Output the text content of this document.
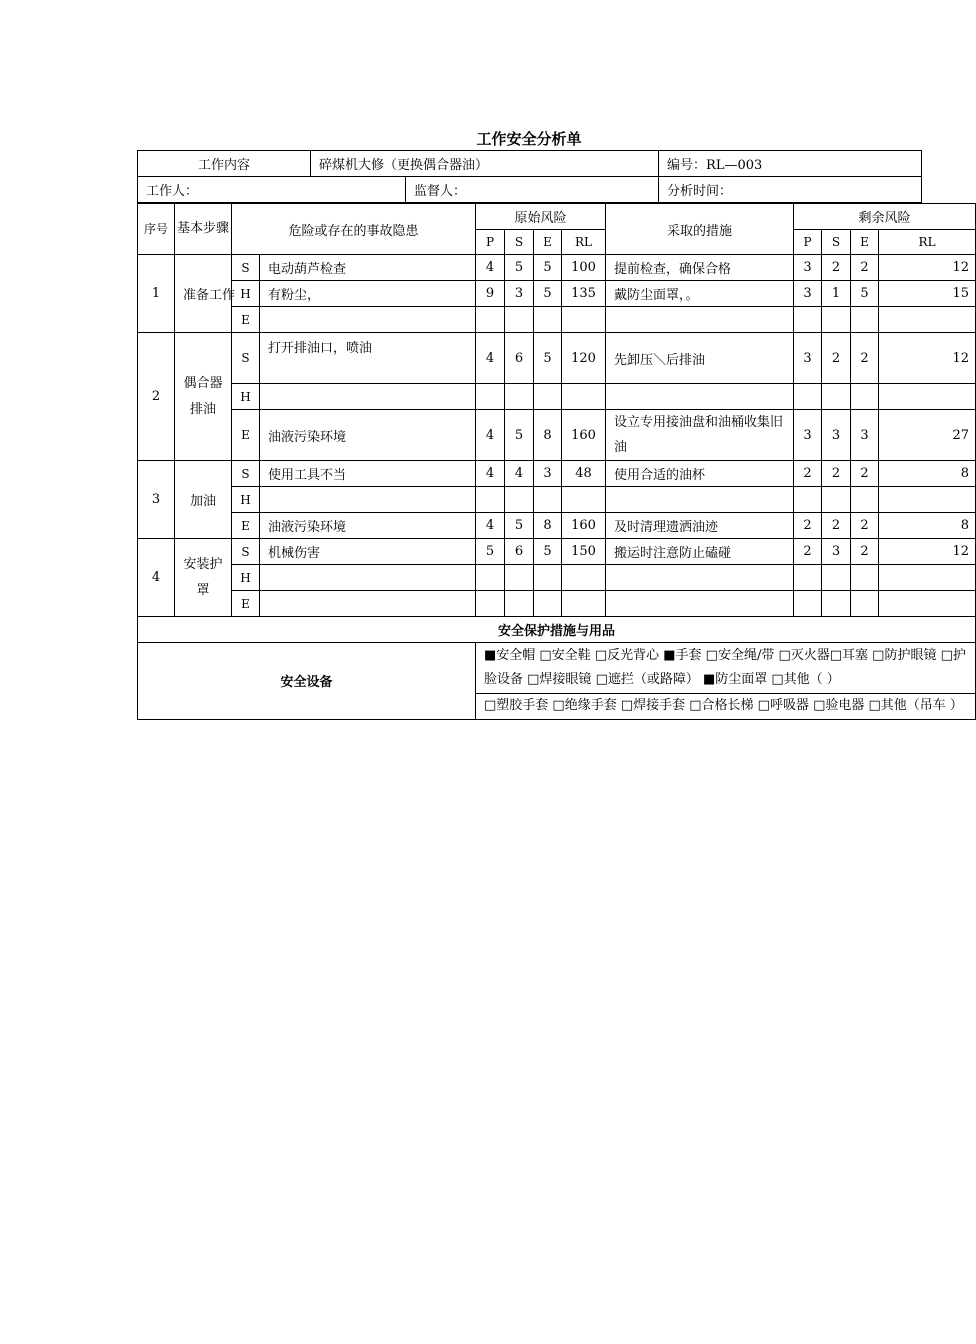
工作安全分析单
工作内容	碎煤机大修（更换偶合器油）		编号：RL—003
工作人：		监督人：	分析时间：
序号	基本步骤	危险或存在的事故隐患		原始风险				采取的措施	剩余风险			
				P	S	E	RL		P	S	E	RL
1	准备工作	S	电动葫芦检查	4	5	5	100	提前检查，确保合格	3	2	2	12
		H	有粉尘，	9	3	5	135	戴防尘面罩，。	3	1	5	15
		E										
2	偶合器排油	S	打开排油口，喷油	4	6	5	120	先卸压＼后排油	3	2	2	12
		H										
		E	油液污染环境	4	5	8	160	设立专用接油盘和油桶收集旧油	3	3	3	27
3	加油	S	使用工具不当	4	4	3	48	使用合适的油杯	2	2	2	8
		H										
		E	油液污染环境	4	5	8	160	及时清理遗洒油迹	2	2	2	8
4	安装护罩	S	机械伤害	5	6	5	150	搬运时注意防止磕碰	2	3	2	12
		H										
		E										
安全保护措施与用品												
安全设备				■安全帽 □安全鞋 □反光背心 ■手套 □安全绳/带 □灭火器□耳塞 □防护眼镜 □护脸设备 □焊接眼镜 □遮拦（或路障） ■防尘面罩 □其他（ ）								
				□塑胶手套 □绝缘手套 □焊接手套 □合格长梯 □呼吸器 □验电器 □其他（吊车 ）								
